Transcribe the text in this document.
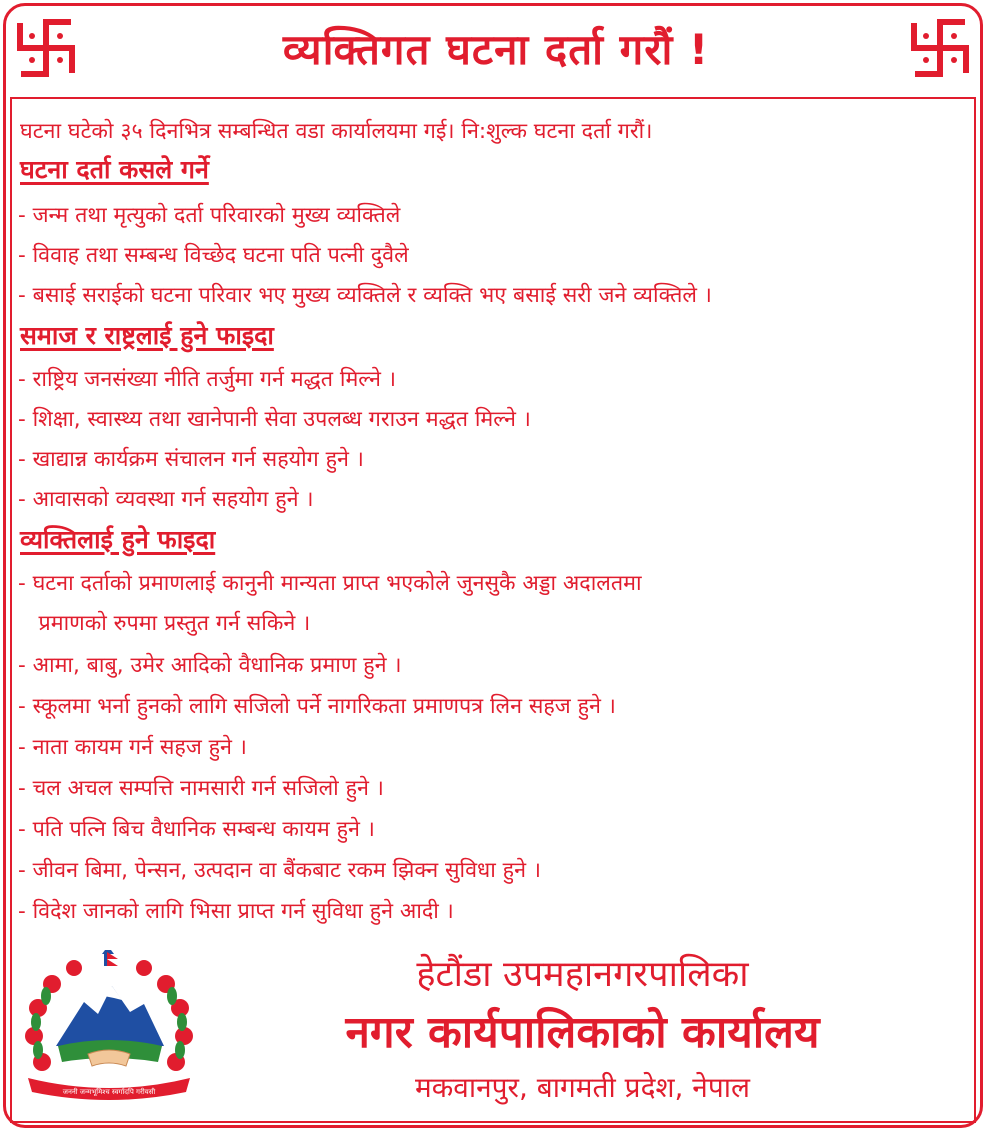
व्यक्तिगत घटना दर्ता गरौं !
घटना घटेको ३५ दिनभित्र सम्बन्धित वडा कार्यालयमा गई। नि:शुल्क घटना दर्ता गरौं।
घटना दर्ता कसले गर्ने
- जन्म तथा मृत्युको दर्ता परिवारको मुख्य व्यक्तिले
- विवाह तथा सम्बन्ध विच्छेद घटना पति पत्नी दुवैले
- बसाई सराईको घटना परिवार भए मुख्य व्यक्तिले र व्यक्ति भए बसाई सरी जने व्यक्तिले ।
समाज र राष्ट्रलाई हुने फाइदा
- राष्ट्रिय जनसंख्या नीति तर्जुमा गर्न मद्धत मिल्ने ।
- शिक्षा, स्वास्थ्य तथा खानेपानी सेवा उपलब्ध गराउन मद्धत मिल्ने ।
- खाद्यान्न कार्यक्रम संचालन गर्न सहयोग हुने ।
- आवासको व्यवस्था गर्न सहयोग हुने ।
व्यक्तिलाई हुने फाइदा
- घटना दर्ताको प्रमाणलाई कानुनी मान्यता प्राप्त भएकोले जुनसुकै अड्डा अदालतमा
प्रमाणको रुपमा प्रस्तुत गर्न सकिने ।
- आमा, बाबु, उमेर आदिको वैधानिक प्रमाण हुने ।
- स्कूलमा भर्ना हुनको लागि सजिलो पर्ने नागरिकता प्रमाणपत्र लिन सहज हुने ।
- नाता कायम गर्न सहज हुने ।
- चल अचल सम्पत्ति नामसारी गर्न सजिलो हुने ।
- पति पत्नि बिच वैधानिक सम्बन्ध कायम हुने ।
- जीवन बिमा, पेन्सन, उत्पदान वा बैंकबाट रकम झिक्न सुविधा हुने ।
- विदेश जानको लागि भिसा प्राप्त गर्न सुविधा हुने आदी ।
जननी जन्मभूमिश्च स्वर्गादपि गरीयसी
हेटौंडा उपमहानगरपालिका
नगर कार्यपालिकाको कार्यालय
मकवानपुर, बागमती प्रदेश, नेपाल
